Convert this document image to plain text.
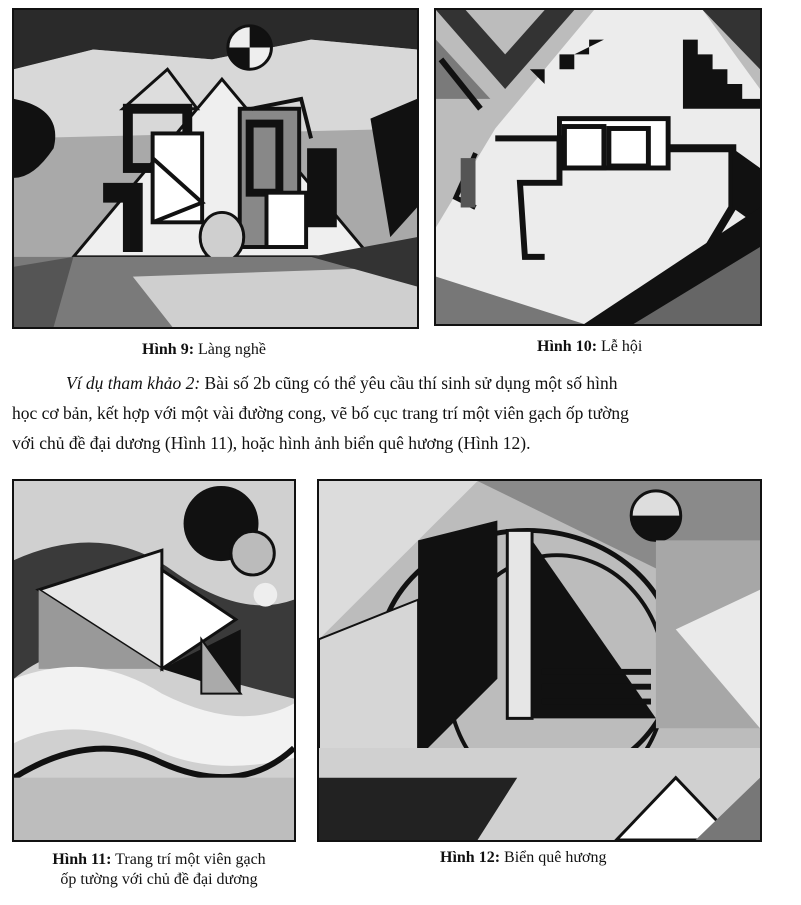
Hình 9: Làng nghề	Hình 10: Lễ hội
Ví dụ tham khảo 2: Bài số 2b cũng có thể yêu cầu thí sinh sử dụng một số hình
học cơ bản, kết hợp với một vài đường cong, vẽ bố cục trang trí một viên gạch ốp tường
với chủ đề đại dương (Hình 11), hoặc hình ảnh biển quê hương (Hình 12).
Hình 11: Trang trí một viên gạch
ốp tường với chủ đề đại dương
Hình 12: Biển quê hương
